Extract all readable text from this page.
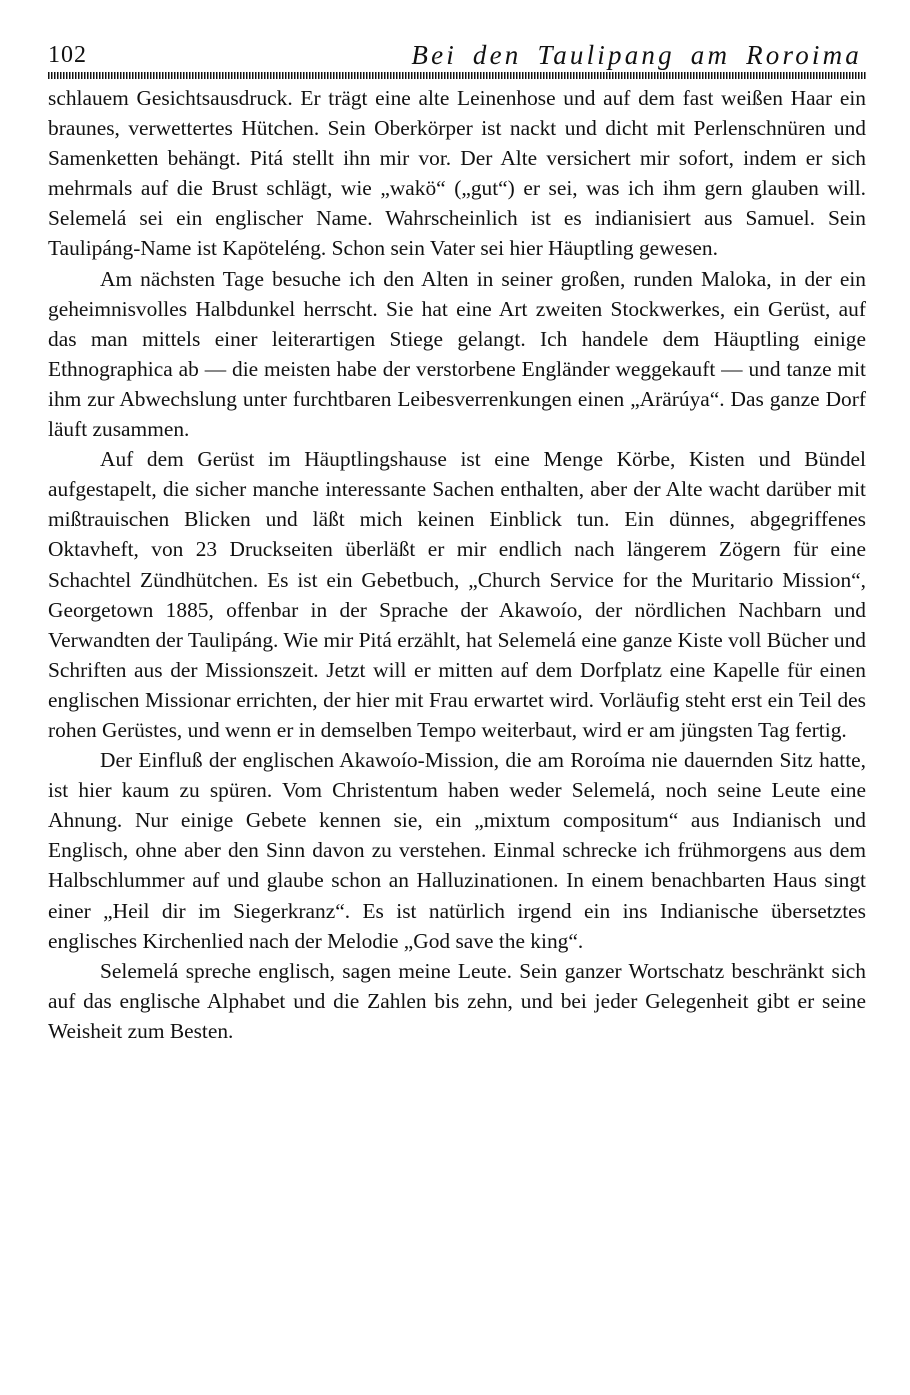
102	Bei den Taulipang am Roroima

schlauem Gesichtsausdruck. Er trägt eine alte Leinenhose und auf dem fast weißen Haar ein braunes, verwettertes Hütchen. Sein Oberkörper ist nackt und dicht mit Perlenschnüren und Samenketten behängt. Pitá stellt ihn mir vor. Der Alte versichert mir sofort, indem er sich mehrmals auf die Brust schlägt, wie „wakö“ („gut“) er sei, was ich ihm gern glauben will. Selemelá sei ein englischer Name. Wahrscheinlich ist es indianisiert aus Samuel. Sein Taulipáng-Name ist Kapöteléng. Schon sein Vater sei hier Häuptling gewesen.

Am nächsten Tage besuche ich den Alten in seiner großen, runden Maloka, in der ein geheimnisvolles Halbdunkel herrscht. Sie hat eine Art zweiten Stockwerkes, ein Gerüst, auf das man mittels einer leiterartigen Stiege gelangt. Ich handele dem Häuptling einige Ethnographica ab — die meisten habe der verstorbene Engländer weggekauft — und tanze mit ihm zur Abwechslung unter furchtbaren Leibesverrenkungen einen „Arärúya“. Das ganze Dorf läuft zusammen.

Auf dem Gerüst im Häuptlingshause ist eine Menge Körbe, Kisten und Bündel aufgestapelt, die sicher manche interessante Sachen enthalten, aber der Alte wacht darüber mit mißtrauischen Blicken und läßt mich keinen Einblick tun. Ein dünnes, abgegriffenes Oktavheft, von 23 Druckseiten überläßt er mir endlich nach längerem Zögern für eine Schachtel Zündhütchen. Es ist ein Gebetbuch, „Church Service for the Muritario Mission“, Georgetown 1885, offenbar in der Sprache der Akawoío, der nördlichen Nachbarn und Verwandten der Taulipáng. Wie mir Pitá erzählt, hat Selemelá eine ganze Kiste voll Bücher und Schriften aus der Missionszeit. Jetzt will er mitten auf dem Dorfplatz eine Kapelle für einen englischen Missionar errichten, der hier mit Frau erwartet wird. Vorläufig steht erst ein Teil des rohen Gerüstes, und wenn er in demselben Tempo weiterbaut, wird er am jüngsten Tag fertig.

Der Einfluß der englischen Akawoío-Mission, die am Roroíma nie dauernden Sitz hatte, ist hier kaum zu spüren. Vom Christentum haben weder Selemelá, noch seine Leute eine Ahnung. Nur einige Gebete kennen sie, ein „mixtum compositum“ aus Indianisch und Englisch, ohne aber den Sinn davon zu verstehen. Einmal schrecke ich frühmorgens aus dem Halbschlummer auf und glaube schon an Halluzinationen. In einem benachbarten Haus singt einer „Heil dir im Siegerkranz“. Es ist natürlich irgend ein ins Indianische übersetztes englisches Kirchenlied nach der Melodie „God save the king“.

Selemelá spreche englisch, sagen meine Leute. Sein ganzer Wortschatz beschränkt sich auf das englische Alphabet und die Zahlen bis zehn, und bei jeder Gelegenheit gibt er seine Weisheit zum Besten.
